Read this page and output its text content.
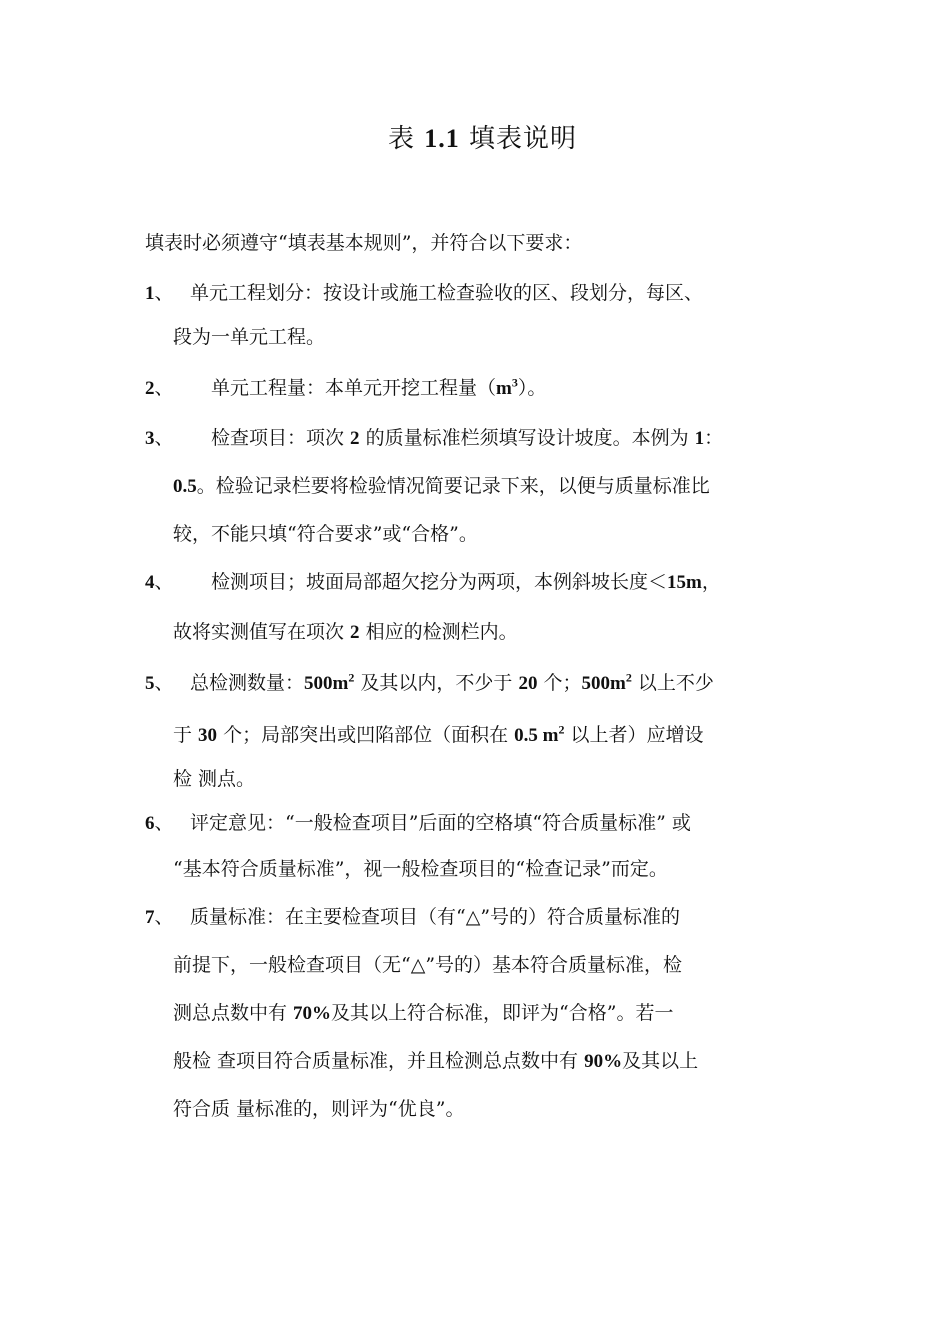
表 1.1 填表说明
填表时必须遵守“填表基本规则”，并符合以下要求：
1、 单元工程划分：按设计或施工检查验收的区、段划分，每区、
段为一单元工程。
2、 单元工程量：本单元开挖工程量$(m^3)$。
3、 检查项目：项次 2 的质量标准栏须填写设计坡度。本例为 1：
0.5。检验记录栏要将检验情况简要记录下来，以便与质量标准比
较，不能只填“符合要求”或“合格”。
4、 检测项目；坡面局部超欠挖分为两项，本例斜坡长度＜15m，
故将实测值写在项次 2 相应的检测栏内。
5、 总检测数量：$500m^2$ 及其以内，不少于 20 个；$500m^2$ 以上不少
于 30 个；局部突出或凹陷部位（面积在 0.5 $m^2$ 以上者）应增设
检 测点。
6、 评定意见：“一般检查项目”后面的空格填“符合质量标准” 或
“基本符合质量标准”，视一般检查项目的“检查记录”而定。
7、 质量标准：在主要检查项目（有“△”号的）符合质量标准的
前提下，一般检查项目（无“△”号的）基本符合质量标准，检
测总点数中有 70%及其以上符合标准，即评为“合格”。若一
般检 查项目符合质量标准，并且检测总点数中有 90%及其以上
符合质 量标准的，则评为“优良”。
